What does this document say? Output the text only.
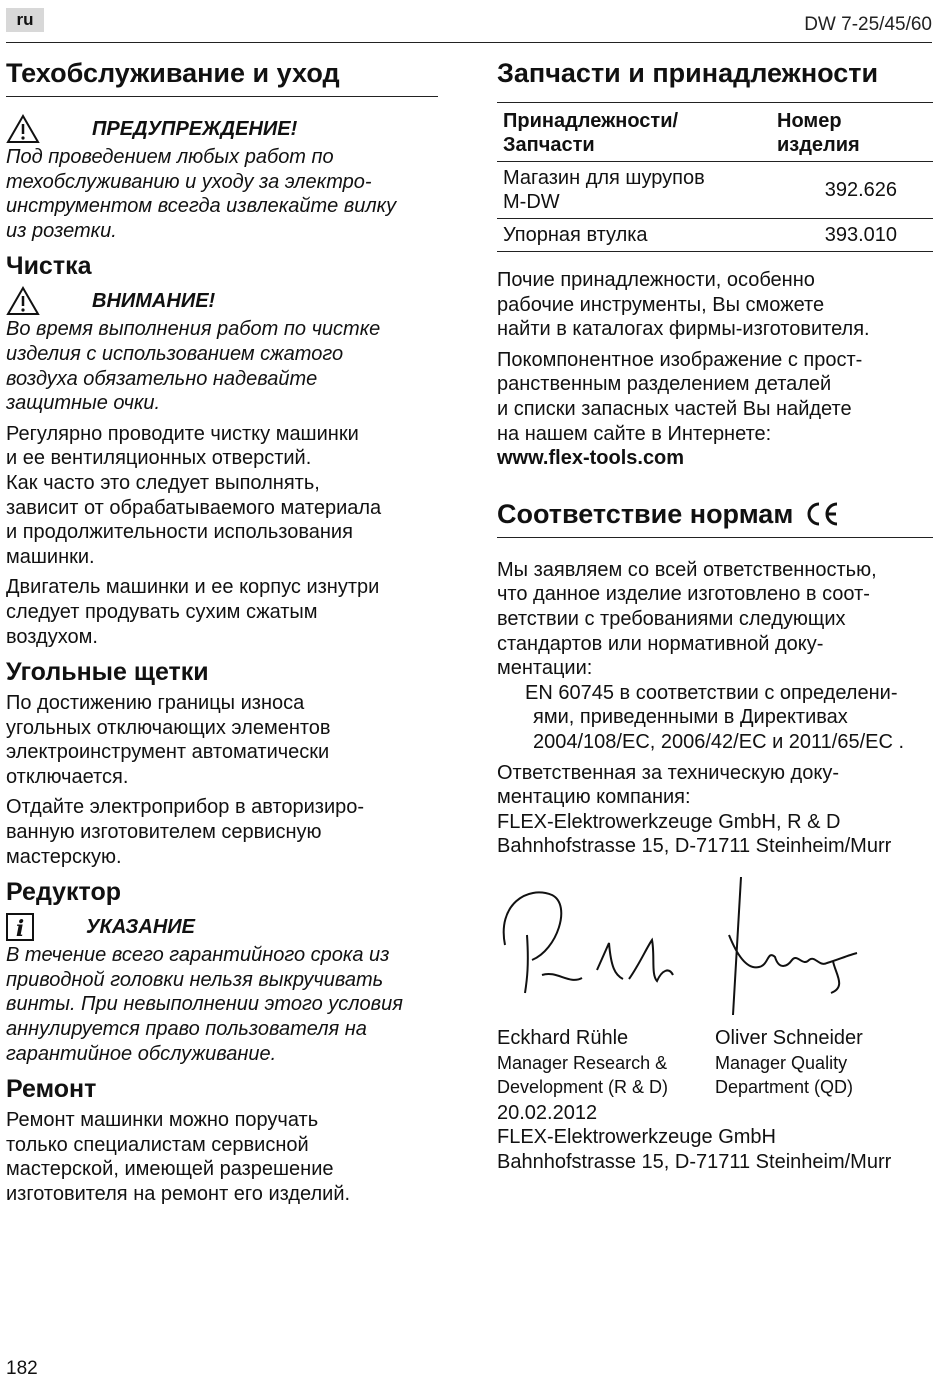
ru	DW 7-25/45/60
Техобслуживание и уход
ПРЕДУПРЕЖДЕНИЕ!

Под проведением любых работ по
техобслуживанию и уходу за электро-
инструментом всегда извлекайте вилку
из розетки.

Чистка
ВНИМАНИЕ!

Во время выполнения работ по чистке
изделия с использованием сжатого
воздуха обязательно надевайте
защитные очки.

Регулярно проводите чистку машинки
и ее вентиляционных отверстий.
Как часто это следует выполнять,
зависит от обрабатываемого материала
и продолжительности использования
машинки.

Двигатель машинки и ее корпус изнутри
следует продувать сухим сжатым
воздухом.

Угольные щетки

По достижению границы износа
угольных отключающих элементов
электроинструмент автоматически
отключается.

Отдайте электроприбор в авторизиро-
ванную изготовителем сервисную
мастерскую.

Редуктор
i	УКАЗАНИЕ

В течение всего гарантийного срока из
приводной головки нельзя выкручивать
винты. При невыполнении этого условия
аннулируется право пользователя на
гарантийное обслуживание.

Ремонт

Ремонт машинки можно поручать
только специалистам сервисной
мастерской, имеющей разрешение
изготовителя на ремонт его изделий.

Запчасти и принадлежности
Принадлежности/
Запчасти	Номер
изделия
Магазин для шурупов
M-DW	392.626
Упорная втулка	393.010

Почие принадлежности, особенно
рабочие инструменты, Вы сможете
найти в каталогах фирмы-изготовителя.

Покомпонентное изображение с прост-
ранственным разделением деталей
и списки запасных частей Вы найдете
на нашем сайте в Интернете:
www.flex-tools.com

Соответствие нормам

Мы заявляем со всей ответственностью,
что данное изделие изготовлено в соот-
ветствии с требованиями следующих
стандартов или нормативной доку-
ментации:

EN 60745 в соответствии с определени-
ями, приведенными в Директивах
2004/108/EC, 2006/42/EC и 2011/65/EC .

Ответственная за техническую доку-
ментацию компания:
FLEX-Elektrowerkzeuge GmbH, R & D
Bahnhofstrasse 15, D-71711 Steinheim/Murr

Eckhard Rühle

Manager Research &
Development (R & D)

Oliver Schneider

Manager Quality
Department (QD)

20.02.2012
FLEX-Elektrowerkzeuge GmbH
Bahnhofstrasse 15, D-71711 Steinheim/Murr

182
